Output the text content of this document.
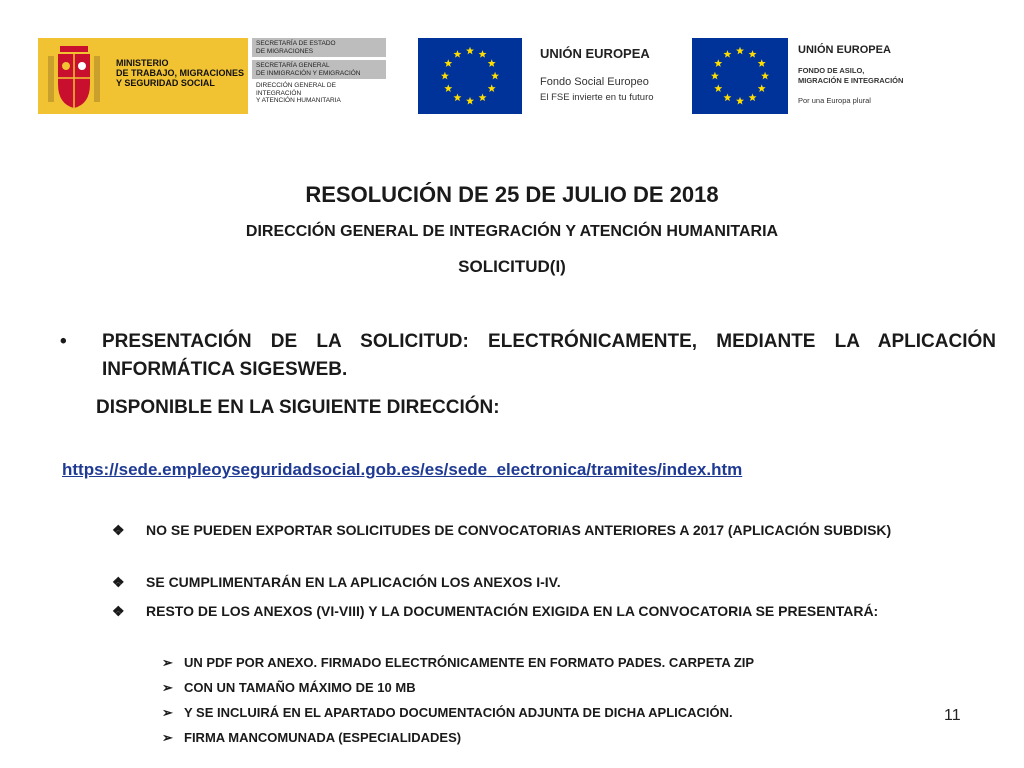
MINISTERIO
DE TRABAJO, MIGRACIONES
Y SEGURIDAD SOCIAL
SECRETARÍA DE ESTADO
DE MIGRACIONES
SECRETARÍA GENERAL
DE INMIGRACIÓN Y EMIGRACIÓN
DIRECCIÓN GENERAL DE INTEGRACIÓN
Y ATENCIÓN HUMANITARIA
UNIÓN EUROPEA
Fondo Social Europeo
El FSE invierte en tu futuro
UNIÓN EUROPEA
FONDO DE ASILO,
MIGRACIÓN E INTEGRACIÓN
Por una Europa plural
RESOLUCIÓN DE 25 DE JULIO DE 2018
DIRECCIÓN GENERAL DE INTEGRACIÓN Y ATENCIÓN HUMANITARIA
SOLICITUD(I)
• PRESENTACIÓN DE LA SOLICITUD: ELECTRÓNICAMENTE, MEDIANTE LA APLICACIÓN INFORMÁTICA SIGESWEB.
DISPONIBLE EN LA SIGUIENTE DIRECCIÓN:
https://sede.empleoyseguridadsocial.gob.es/es/sede_electronica/tramites/index.htm
❖ NO SE PUEDEN EXPORTAR SOLICITUDES DE CONVOCATORIAS ANTERIORES A 2017 (APLICACIÓN SUBDISK)
❖ SE CUMPLIMENTARÁN EN LA APLICACIÓN LOS ANEXOS I-IV.
❖ RESTO DE LOS ANEXOS (VI-VIII) Y LA DOCUMENTACIÓN EXIGIDA EN LA CONVOCATORIA SE PRESENTARÁ:
➢ UN PDF POR ANEXO. FIRMADO ELECTRÓNICAMENTE EN FORMATO PADES. CARPETA ZIP
➢ CON UN TAMAÑO MÁXIMO DE 10 MB
➢ Y SE INCLUIRÁ EN EL APARTADO DOCUMENTACIÓN ADJUNTA DE DICHA APLICACIÓN.
➢ FIRMA MANCOMUNADA (ESPECIALIDADES)
11
